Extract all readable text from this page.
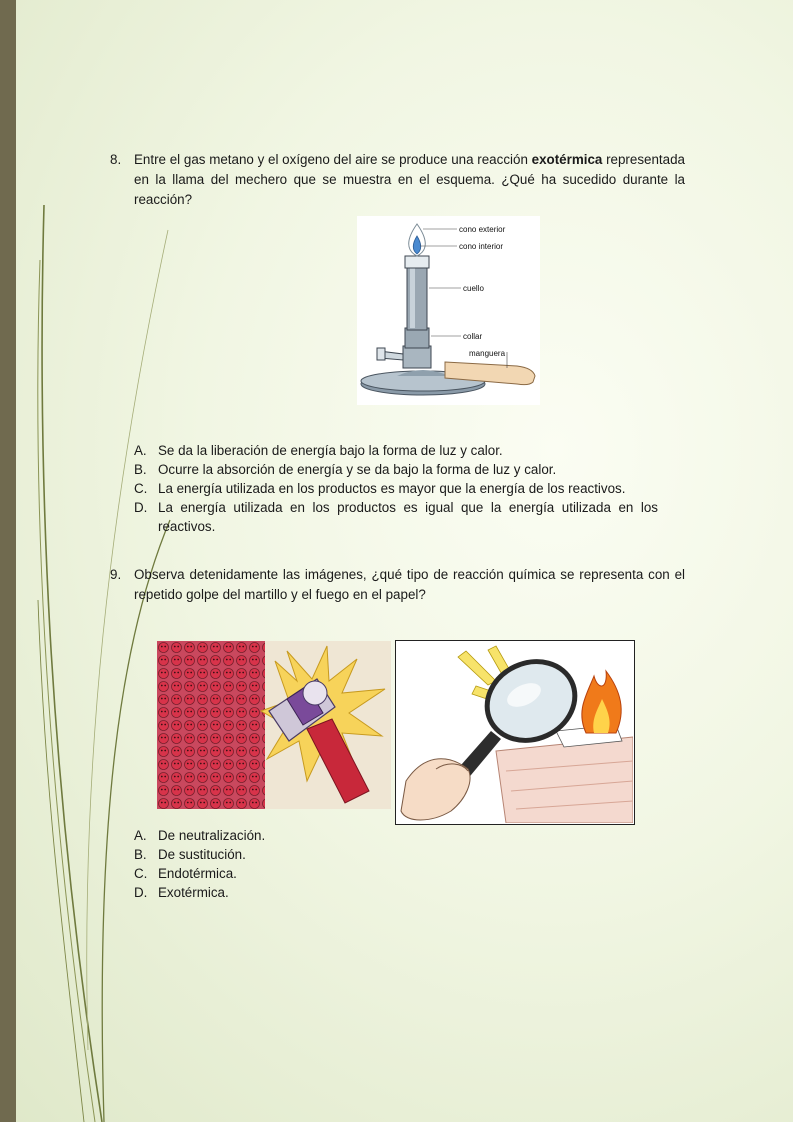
8. Entre el gas metano y el oxígeno del aire se produce una reacción exotérmica representada en la llama del mechero que se muestra en el esquema. ¿Qué ha sucedido durante la reacción?
cono exterior
cono interior
cuello
collar
manguera
A. Se da la liberación de energía bajo la forma de luz y calor.
B. Ocurre la absorción de energía y se da bajo la forma de luz y calor.
C. La energía utilizada en los productos es mayor que la energía de los reactivos.
D. La energía utilizada en los productos es igual que la energía utilizada en los reactivos.
9. Observa detenidamente las imágenes, ¿qué tipo de reacción química se representa con el repetido golpe del martillo y el fuego en el papel?
A. De neutralización.
B. De sustitución.
C. Endotérmica.
D. Exotérmica.
